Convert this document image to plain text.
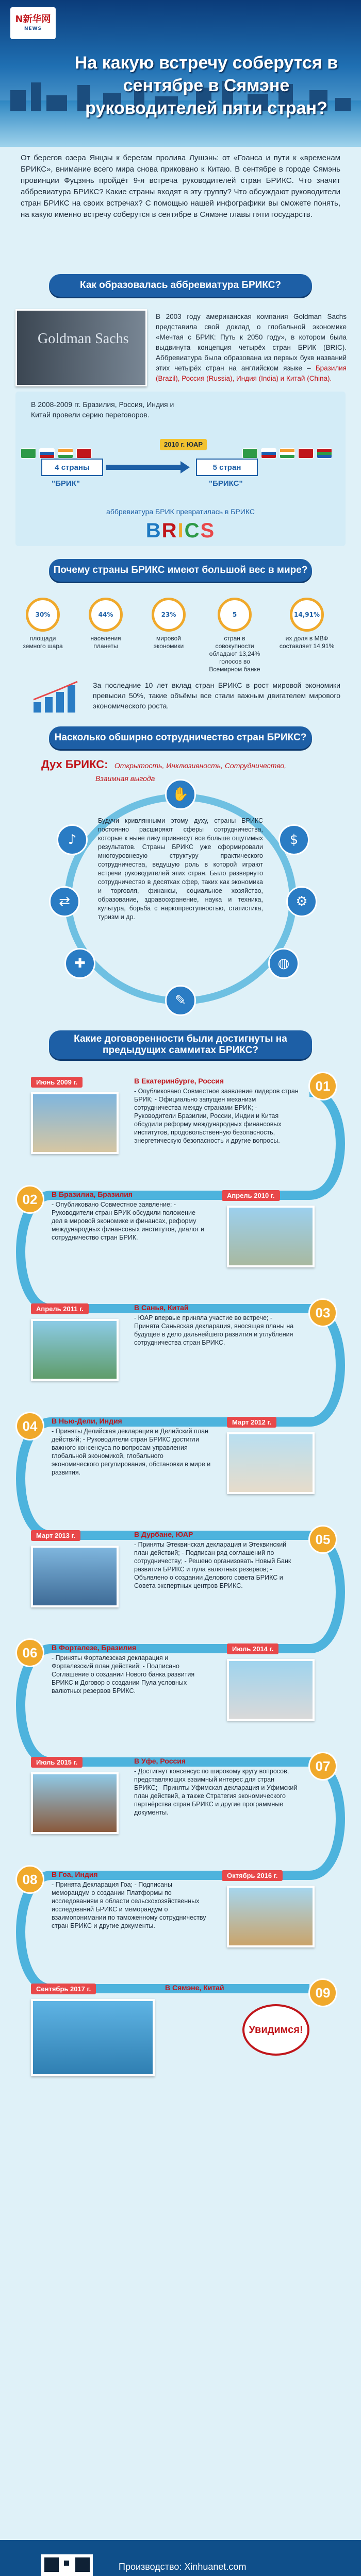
N新华网
NEWS
На какую встречу соберутся в сентябре в Сямэне руководителей пяти стран?
От берегов озера Янцзы к берегам пролива Лушэнь: от «Гоанса и пути к «временам БРИКС», внимание всего мира снова приковано к Китаю. В сентябре в городе Сямэнь провинции Фуцзянь пройдёт 9-я встреча руководителей стран БРИКС. Что значит аббревиатура БРИКС? Какие страны входят в эту группу? Что обсуждают руководители стран БРИКС на своих встречах? С помощью нашей инфографики вы сможете понять, на какую именно встречу соберутся в сентябре в Сямэне главы пяти государств.
Как образовалась аббревиатура БРИКС?
Goldman Sachs
В 2003 году американская компания Goldman Sachs представила свой доклад о глобальной экономике «Мечтая с БРИК: Путь к 2050 году», в котором была выдвинута концепция четырёх стран БРИК (BRIC). Аббревиатура была образована из первых букв названий этих четырёх стран на английском языке – Бразилия (Brazil), Россия (Russia), Индия (India) и Китай (China).
В 2008-2009 гг. Бразилия, Россия, Индия и Китай провели серию переговоров.
2010 г. ЮАР
4 страны	5 стран
"БРИК"	"БРИКС"
аббревиатура БРИК превратилась в БРИКС
B R I C S
Почему страны БРИКС имеют большой вес в мире?
30%
площади земного шара
44%
населения планеты
23%
мировой экономики
5
стран в совокупности обладают 13,24% голосов во Всемирном банке
14,91%
их доля в МВФ составляет 14,91%
За последние 10 лет вклад стран БРИКС в рост мировой экономики превысил 50%, такие объёмы все стали важным двигателем мирового экономического роста.
Насколько обширно сотрудничество стран БРИКС?
Дух БРИКС: Открытость, Инклюзивность, Сотрудничество,
Взаимная выгода
✋
$
⚙
◍
✎
✚
⇄
♪
Будучи кривлянными этому духу, страны БРИКС постоянно расширяют сферы сотрудничества, которые к ныне лику привнесут все больше ощутимых результатов. Страны БРИКС уже сформировали многоуровневую структуру практического сотрудничества, ведущую роль в которой играют встречи руководителей этих стран. Было развернуто сотрудничество в десятках сфер, таких как экономика и торговля, финансы, социальное хозяйство, образование, здравоохранение, наука и техника, культура, борьба с наркопреступностью, статистика, туризм и др.
Какие договоренности были достигнуты на предыдущих саммитах БРИКС?
01
Июнь 2009 г.	В Екатеринбурге, Россия
- Опубликовано Совместное заявление лидеров стран БРИК; - Официально запущен механизм сотрудничества между странами БРИК; - Руководители Бразилии, России, Индии и Китая обсудили реформу международных финансовых институтов, продовольственную безопасность, энергетическую безопасность и другие вопросы.
02	Апрель 2010 г.
В Бразилиа, Бразилия
- Опубликовано Совместное заявление; - Руководители стран БРИК обсудили положение дел в мировой экономике и финансах, реформу международных финансовых институтов, диалог и сотрудничество стран БРИК.
03
Апрель 2011 г.	В Санья, Китай
- ЮАР впервые приняла участие во встрече; - Принята Саньяская декларация, вносящая планы на будущее в дело дальнейшего развития и углубления сотрудничества стран БРИКС.
04	Март 2012 г.
В Нью-Дели, Индия
- Приняты Делийская декларация и Делийский план действий; - Руководители стран БРИКС достигли важного консенсуса по вопросам управления глобальной экономикой, глобального экономического регулирования, обстановки в мире и развития.
05
Март 2013 г.	В Дурбане, ЮАР
- Приняты Этеквинская декларация и Этеквинский план действий; - Подписан ряд соглашений по сотрудничеству; - Решено организовать Новый Банк развития БРИКС и пула валютных резервов; - Объявлено о создании Делового совета БРИКС и Совета экспертных центров БРИКС.
06	Июль 2014 г.
В Форталезе, Бразилия
- Приняты Форталезская декларация и Форталезский план действий; - Подписано Соглашение о создании Нового банка развития БРИКС и Договор о создании Пула условных валютных резервов БРИКС.
07
Июль 2015 г.	В Уфе, Россия
- Достигнут консенсус по широкому кругу вопросов, представляющих взаимный интерес для стран БРИКС; - Приняты Уфимская декларация и Уфимский план действий, а также Стратегия экономического партнёрства стран БРИКС и другие программные документы.
08	Октябрь 2016 г.
В Гоа, Индия
- Принята Декларация Гоа; - Подписаны меморандум о создании Платформы по исследованиям в области сельскохозяйственных исследований БРИКС и меморандум о взаимопонимании по таможенному сотрудничеству стран БРИКС и другие документы.
09
Сентябрь 2017 г.	В Сямэне, Китай
Увидимся!
Производство: Xinhuanet.com
